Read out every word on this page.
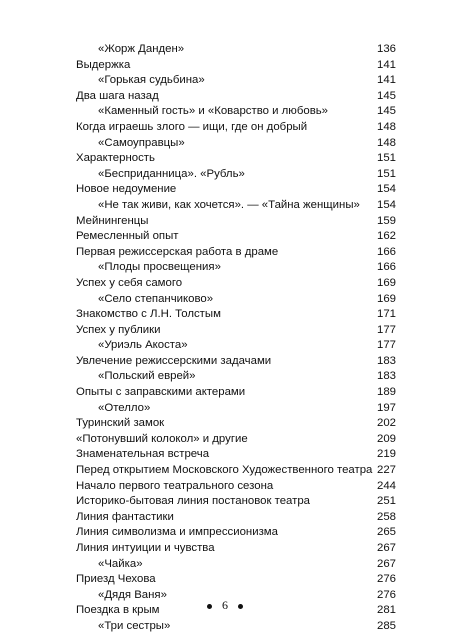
«Жорж Данден»	136
Выдержка	141
«Горькая судьбина»	141
Два шага назад	145
«Каменный гость» и «Коварство и любовь»	145
Когда играешь злого — ищи, где он добрый	148
«Самоуправцы»	148
Характерность	151
«Бесприданница». «Рубль»	151
Новое недоумение	154
«Не так живи, как хочется». — «Тайна женщины» 154
Мейнингенцы	159
Ремесленный опыт	162
Первая режиссерская работа в драме	166
«Плоды просвещения»	166
Успех у себя самого	169
«Село степанчиково»	169
Знакомство с Л.Н. Толстым	171
Успех у публики	177
«Уриэль Акоста»	177
Увлечение режиссерскими задачами	183
«Польский еврей»	183
Опыты с заправскими актерами	189
«Отелло»	197
Туринский замок	202
«Потонувший колокол» и другие	209
Знаменательная встреча	219
Перед открытием Московского Художественного театра 227
Начало первого театрального сезона	244
Историко-бытовая линия постановок театра	251
Линия фантастики	258
Линия символизма и импрессионизма	265
Линия интуиции и чувства	267
«Чайка»	267
Приезд Чехова	276
«Дядя Ваня»	276
Поездка в крым	281
«Три сестры»	285
6
